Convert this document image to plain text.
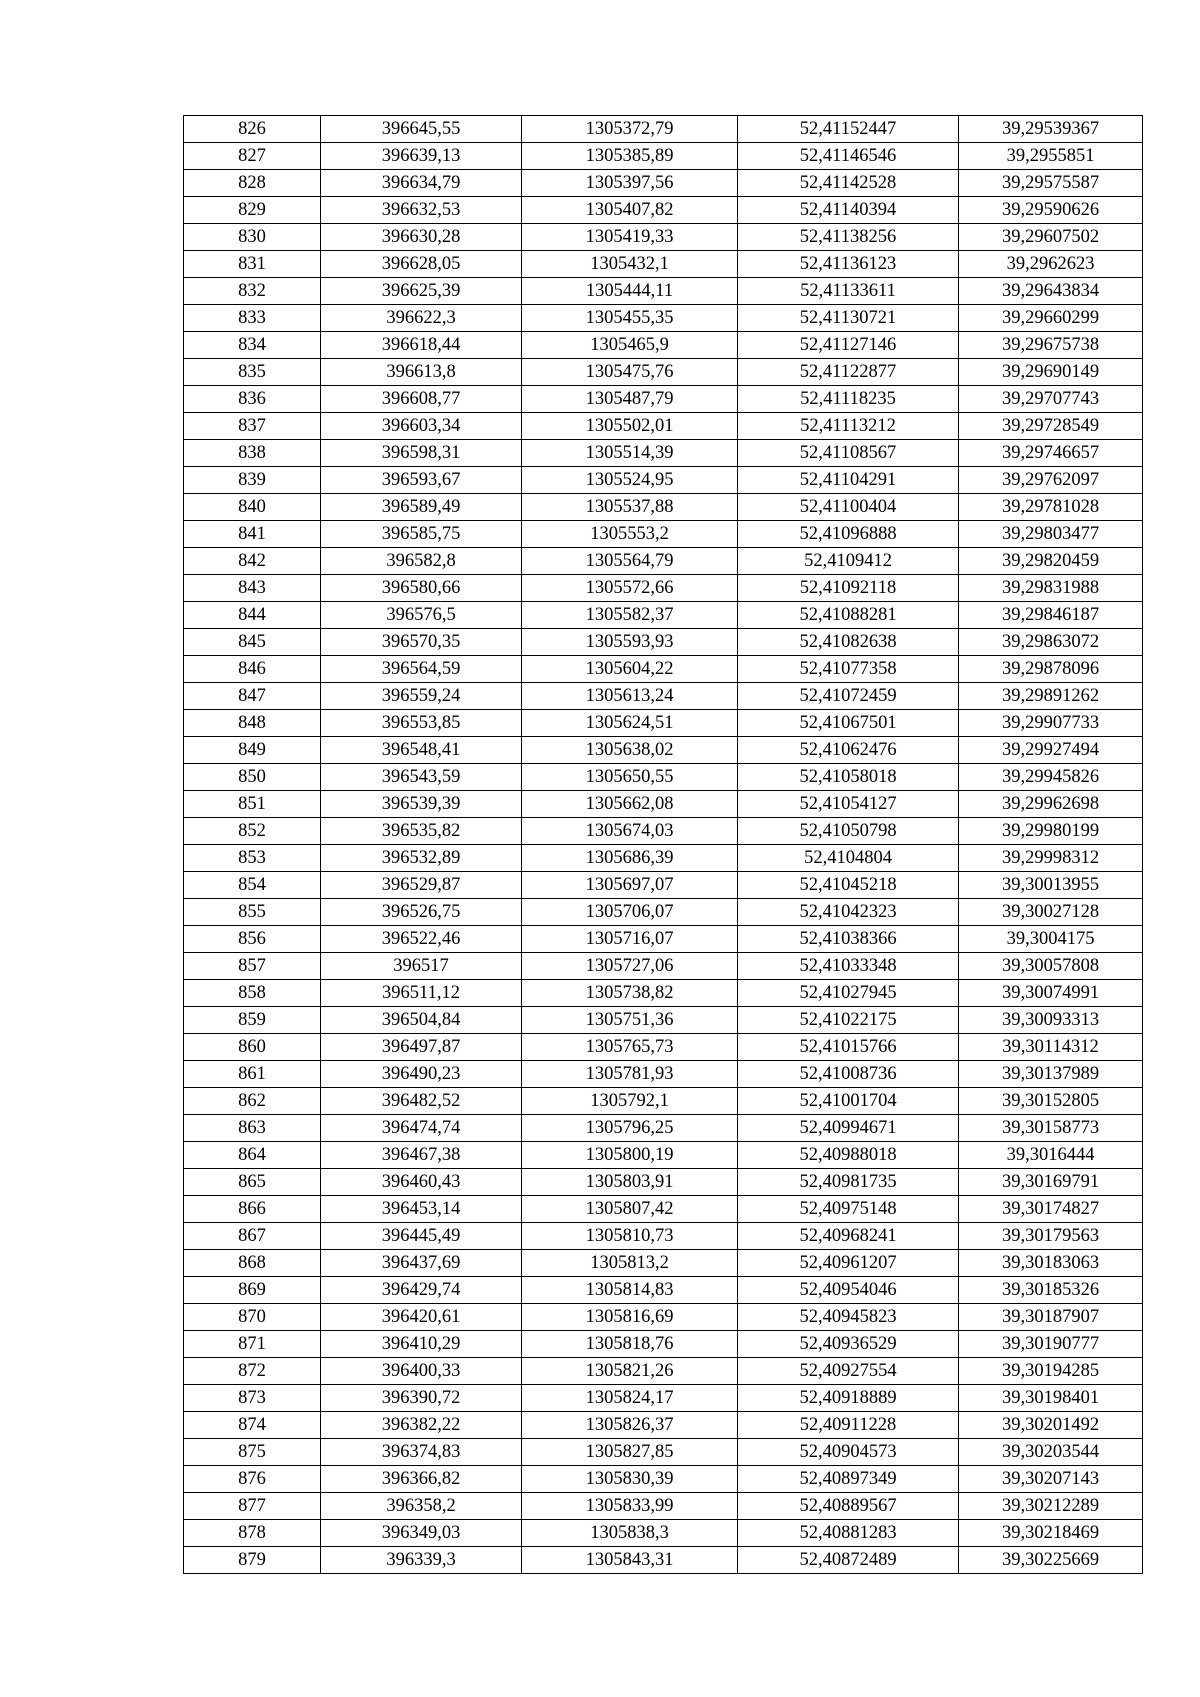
826	396645,55	1305372,79	52,41152447	39,29539367
827	396639,13	1305385,89	52,41146546	39,2955851
828	396634,79	1305397,56	52,41142528	39,29575587
829	396632,53	1305407,82	52,41140394	39,29590626
830	396630,28	1305419,33	52,41138256	39,29607502
831	396628,05	1305432,1	52,41136123	39,2962623
832	396625,39	1305444,11	52,41133611	39,29643834
833	396622,3	1305455,35	52,41130721	39,29660299
834	396618,44	1305465,9	52,41127146	39,29675738
835	396613,8	1305475,76	52,41122877	39,29690149
836	396608,77	1305487,79	52,41118235	39,29707743
837	396603,34	1305502,01	52,41113212	39,29728549
838	396598,31	1305514,39	52,41108567	39,29746657
839	396593,67	1305524,95	52,41104291	39,29762097
840	396589,49	1305537,88	52,41100404	39,29781028
841	396585,75	1305553,2	52,41096888	39,29803477
842	396582,8	1305564,79	52,4109412	39,29820459
843	396580,66	1305572,66	52,41092118	39,29831988
844	396576,5	1305582,37	52,41088281	39,29846187
845	396570,35	1305593,93	52,41082638	39,29863072
846	396564,59	1305604,22	52,41077358	39,29878096
847	396559,24	1305613,24	52,41072459	39,29891262
848	396553,85	1305624,51	52,41067501	39,29907733
849	396548,41	1305638,02	52,41062476	39,29927494
850	396543,59	1305650,55	52,41058018	39,29945826
851	396539,39	1305662,08	52,41054127	39,29962698
852	396535,82	1305674,03	52,41050798	39,29980199
853	396532,89	1305686,39	52,4104804	39,29998312
854	396529,87	1305697,07	52,41045218	39,30013955
855	396526,75	1305706,07	52,41042323	39,30027128
856	396522,46	1305716,07	52,41038366	39,3004175
857	396517	1305727,06	52,41033348	39,30057808
858	396511,12	1305738,82	52,41027945	39,30074991
859	396504,84	1305751,36	52,41022175	39,30093313
860	396497,87	1305765,73	52,41015766	39,30114312
861	396490,23	1305781,93	52,41008736	39,30137989
862	396482,52	1305792,1	52,41001704	39,30152805
863	396474,74	1305796,25	52,40994671	39,30158773
864	396467,38	1305800,19	52,40988018	39,3016444
865	396460,43	1305803,91	52,40981735	39,30169791
866	396453,14	1305807,42	52,40975148	39,30174827
867	396445,49	1305810,73	52,40968241	39,30179563
868	396437,69	1305813,2	52,40961207	39,30183063
869	396429,74	1305814,83	52,40954046	39,30185326
870	396420,61	1305816,69	52,40945823	39,30187907
871	396410,29	1305818,76	52,40936529	39,30190777
872	396400,33	1305821,26	52,40927554	39,30194285
873	396390,72	1305824,17	52,40918889	39,30198401
874	396382,22	1305826,37	52,40911228	39,30201492
875	396374,83	1305827,85	52,40904573	39,30203544
876	396366,82	1305830,39	52,40897349	39,30207143
877	396358,2	1305833,99	52,40889567	39,30212289
878	396349,03	1305838,3	52,40881283	39,30218469
879	396339,3	1305843,31	52,40872489	39,30225669
